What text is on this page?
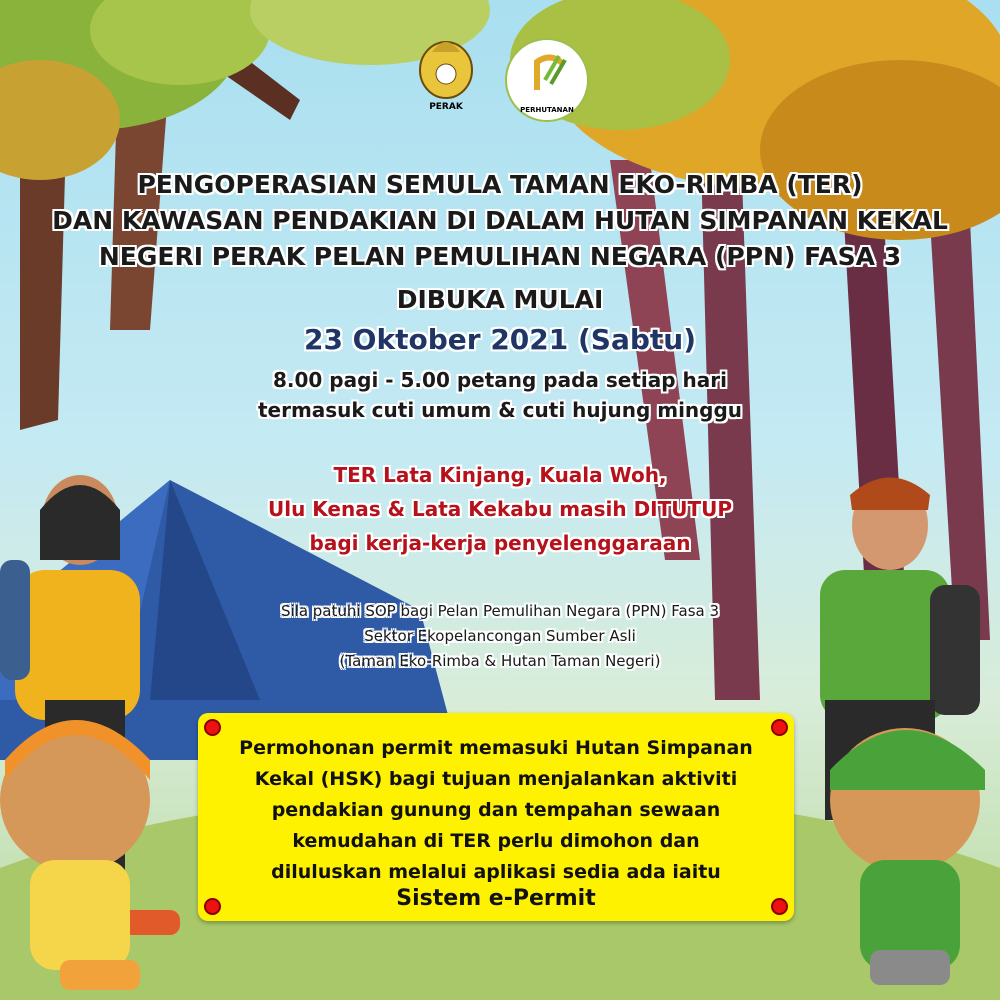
PERAK	PERHUTANAN
PENGOPERASIAN SEMULA TAMAN EKO-RIMBA (TER)
DAN KAWASAN PENDAKIAN DI DALAM HUTAN SIMPANAN KEKAL
NEGERI PERAK PELAN PEMULIHAN NEGARA (PPN) FASA 3
DIBUKA MULAI
23 Oktober 2021 (Sabtu)
8.00 pagi - 5.00 petang pada setiap hari
termasuk cuti umum & cuti hujung minggu
TER Lata Kinjang, Kuala Woh,
Ulu Kenas & Lata Kekabu masih DITUTUP
bagi kerja-kerja penyelenggaraan
Sila patuhi SOP bagi Pelan Pemulihan Negara (PPN) Fasa 3
Sektor Ekopelancongan Sumber Asli
(Taman Eko-Rimba & Hutan Taman Negeri)
Permohonan permit memasuki Hutan Simpanan
Kekal (HSK) bagi tujuan menjalankan aktiviti
pendakian gunung dan tempahan sewaan
kemudahan di TER perlu dimohon dan
diluluskan melalui aplikasi sedia ada iaitu
Sistem e-Permit
